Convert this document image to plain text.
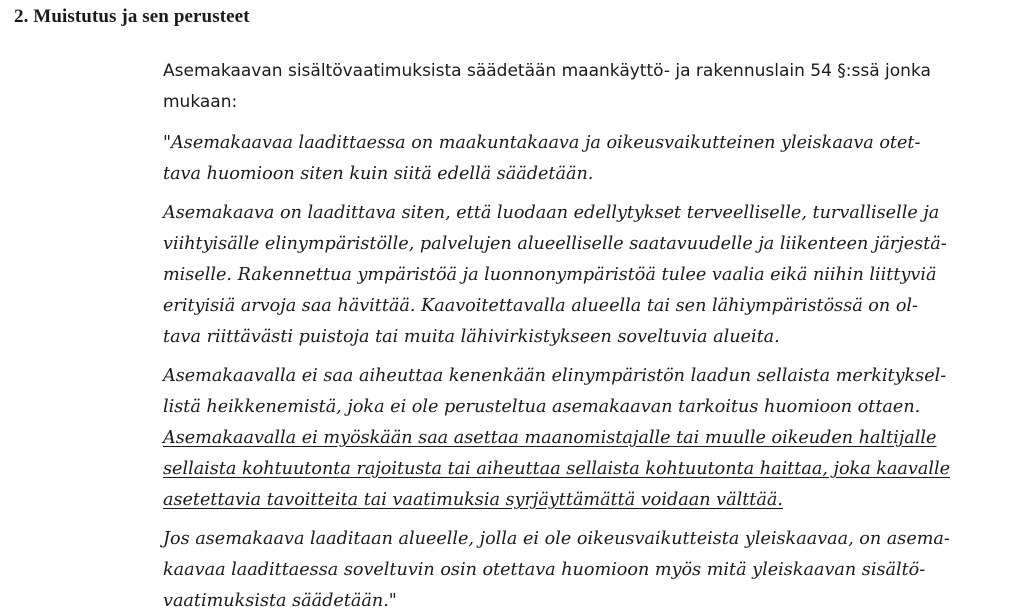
2. Muistutus ja sen perusteet
Asemakaavan sisältövaatimuksista säädetään maankäyttö- ja rakennuslain 54 §:ssä jonka
mukaan:
"Asemakaavaa laadittaessa on maakuntakaava ja oikeusvaikutteinen yleiskaava otet-
tava huomioon siten kuin siitä edellä säädetään.
Asemakaava on laadittava siten, että luodaan edellytykset terveelliselle, turvalliselle ja
viihtyisälle elinympäristölle, palvelujen alueelliselle saatavuudelle ja liikenteen järjestä-
miselle. Rakennettua ympäristöä ja luonnonympäristöä tulee vaalia eikä niihin liittyviä
erityisiä arvoja saa hävittää. Kaavoitettavalla alueella tai sen lähiympäristössä on ol-
tava riittävästi puistoja tai muita lähivirkistykseen soveltuvia alueita.
Asemakaavalla ei saa aiheuttaa kenenkään elinympäristön laadun sellaista merkityksel-
listä heikkenemistä, joka ei ole perusteltua asemakaavan tarkoitus huomioon ottaen.
Asemakaavalla ei myöskään saa asettaa maanomistajalle tai muulle oikeuden haltijalle
sellaista kohtuutonta rajoitusta tai aiheuttaa sellaista kohtuutonta haittaa, joka kaavalle
asetettavia tavoitteita tai vaatimuksia syrjäyttämättä voidaan välttää.
Jos asemakaava laaditaan alueelle, jolla ei ole oikeusvaikutteista yleiskaavaa, on asema-
kaavaa laadittaessa soveltuvin osin otettava huomioon myös mitä yleiskaavan sisältö-
vaatimuksista säädetään."
